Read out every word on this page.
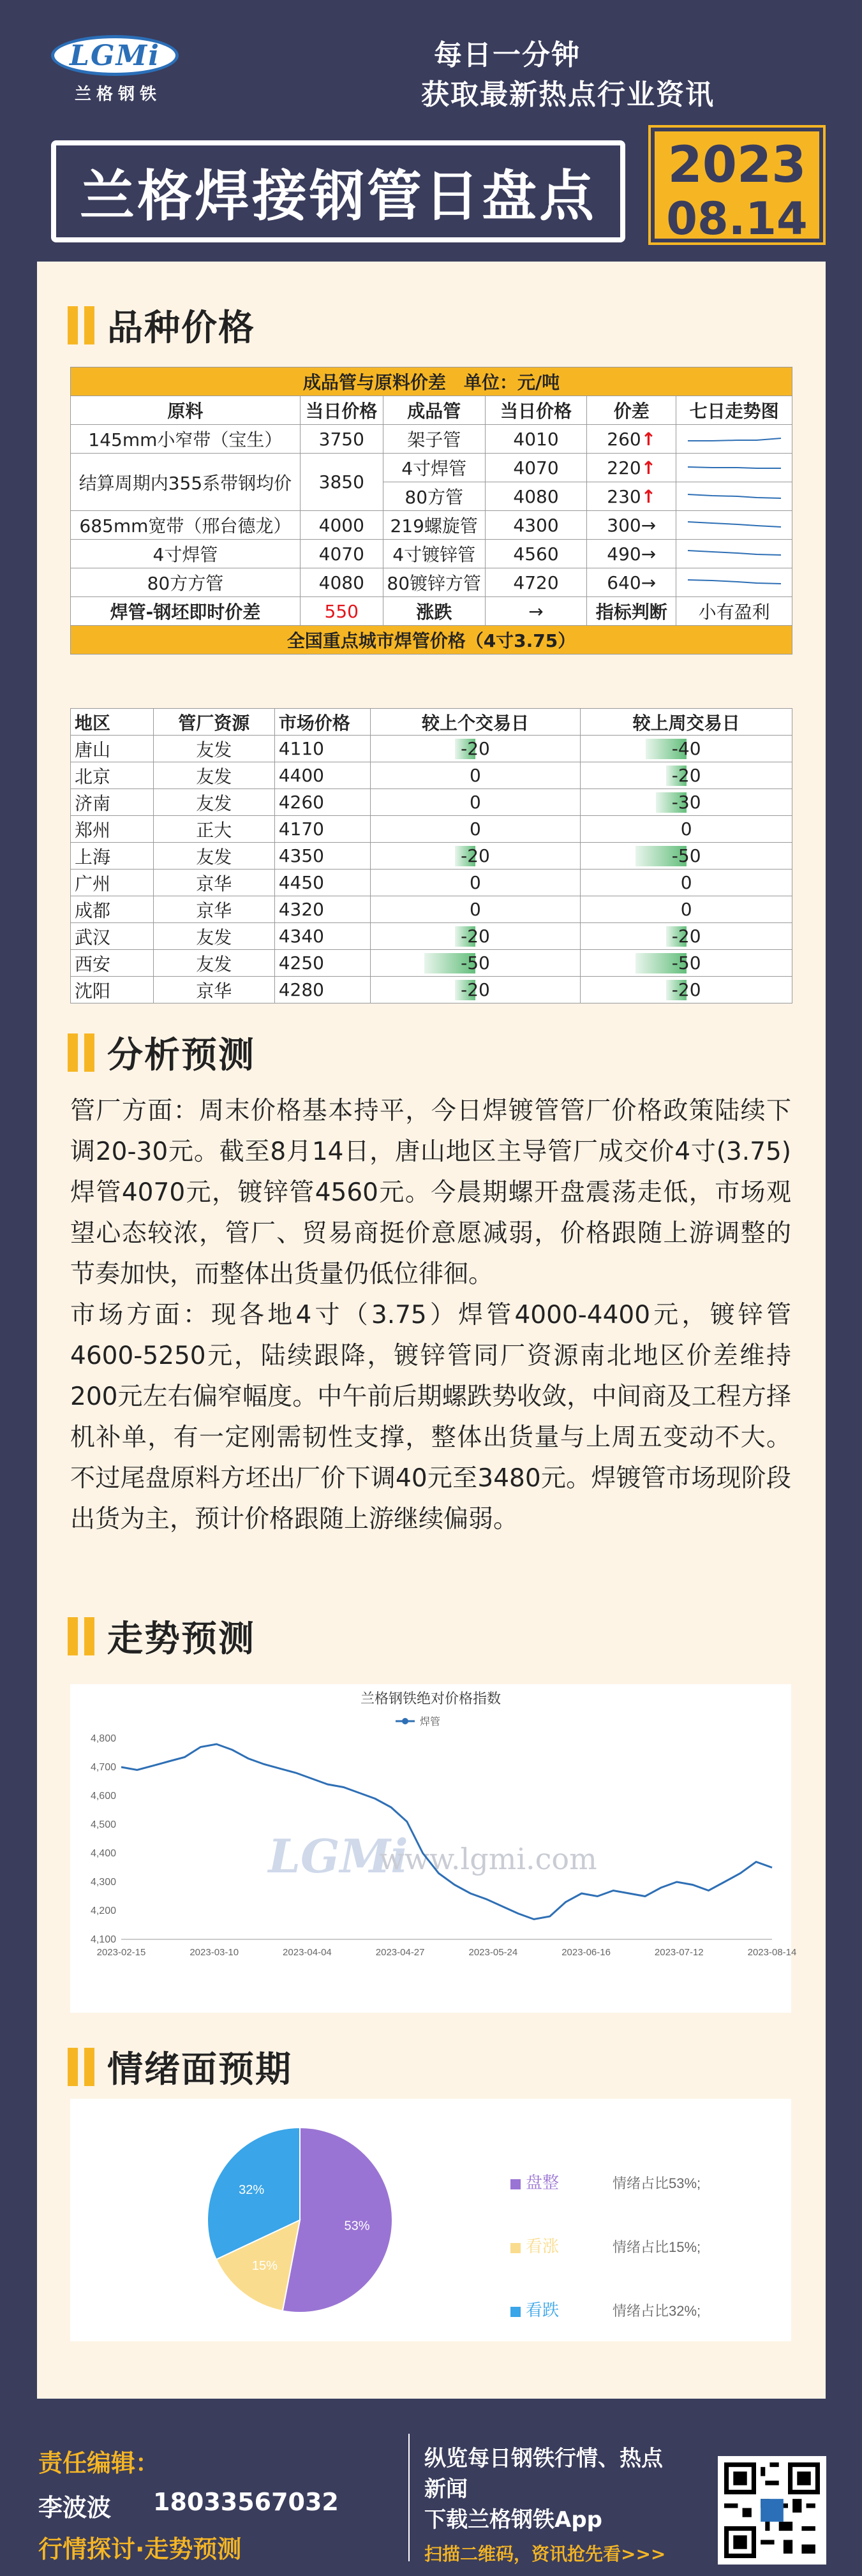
LGMi
兰格钢铁
每日一分钟
获取最新热点行业资讯
兰格焊接钢管日盘点	2023
08.14
品种价格
成品管与原料价差　单位：元/吨					
原料	当日价格	成品管	当日价格	价差	七日走势图
145mm小窄带（宝生）	3750	架子管	4010	260↑	

结算周期内355系带钢均价	3850	4寸焊管	4070	220↑	

		80方管	4080	230↑	

685mm宽带（邢台德龙）	4000	219螺旋管	4300	300→	

4寸焊管	4070	4寸镀锌管	4560	490→	

80方方管	4080	80镀锌方管	4720	640→	

焊管-钢坯即时价差	550	涨跌	→	指标判断	小有盈利
全国重点城市焊管价格（4寸3.75）					
地区	管厂资源	市场价格	较上个交易日	较上周交易日
唐山	友发	4110	-20	-40
北京	友发	4400	0	-20
济南	友发	4260	0	-30
郑州	正大	4170	0	0
上海	友发	4350	-20	-50
广州	京华	4450	0	0
成都	京华	4320	0	0
武汉	友发	4340	-20	-20
西安	友发	4250	-50	-50
沈阳	京华	4280	-20	-20
分析预测
管厂方面：周末价格基本持平，今日焊镀管管厂价格政策陆续下调20-30元。截至8月14日，唐山地区主导管厂成交价4寸(3.75)焊管4070元，镀锌管4560元。今晨期螺开盘震荡走低，市场观望心态较浓，管厂、贸易商挺价意愿减弱，价格跟随上游调整的节奏加快，而整体出货量仍低位徘徊。
市场方面：现各地4寸（3.75）焊管4000-4400元，镀锌管4600-5250元，陆续跟降，镀锌管同厂资源南北地区价差维持200元左右偏窄幅度。中午前后期螺跌势收敛，中间商及工程方择机补单，有一定刚需韧性支撑，整体出货量与上周五变动不大。不过尾盘原料方坯出厂价下调40元至3480元。焊镀管市场现阶段出货为主，预计价格跟随上游继续偏弱。
走势预测
LGMi
www.lgmi.com
兰格钢铁绝对价格指数
焊管
4,100
4,200
4,300
4,400
4,500
4,600
4,700
4,800
2023-02-15	2023-03-10	2023-04-04	2023-04-27	2023-05-24	2023-06-16	2023-07-12	2023-08-14
情绪面预期
53%
盘整	情绪占比53%;
15%
看涨	情绪占比15%;
32%
看跌	情绪占比32%;
责任编辑：
李波波 18033567032
行情探讨·走势预测
纵览每日钢铁行情、热点
新闻
下载兰格钢铁App
扫描二维码，资讯抢先看>>>
